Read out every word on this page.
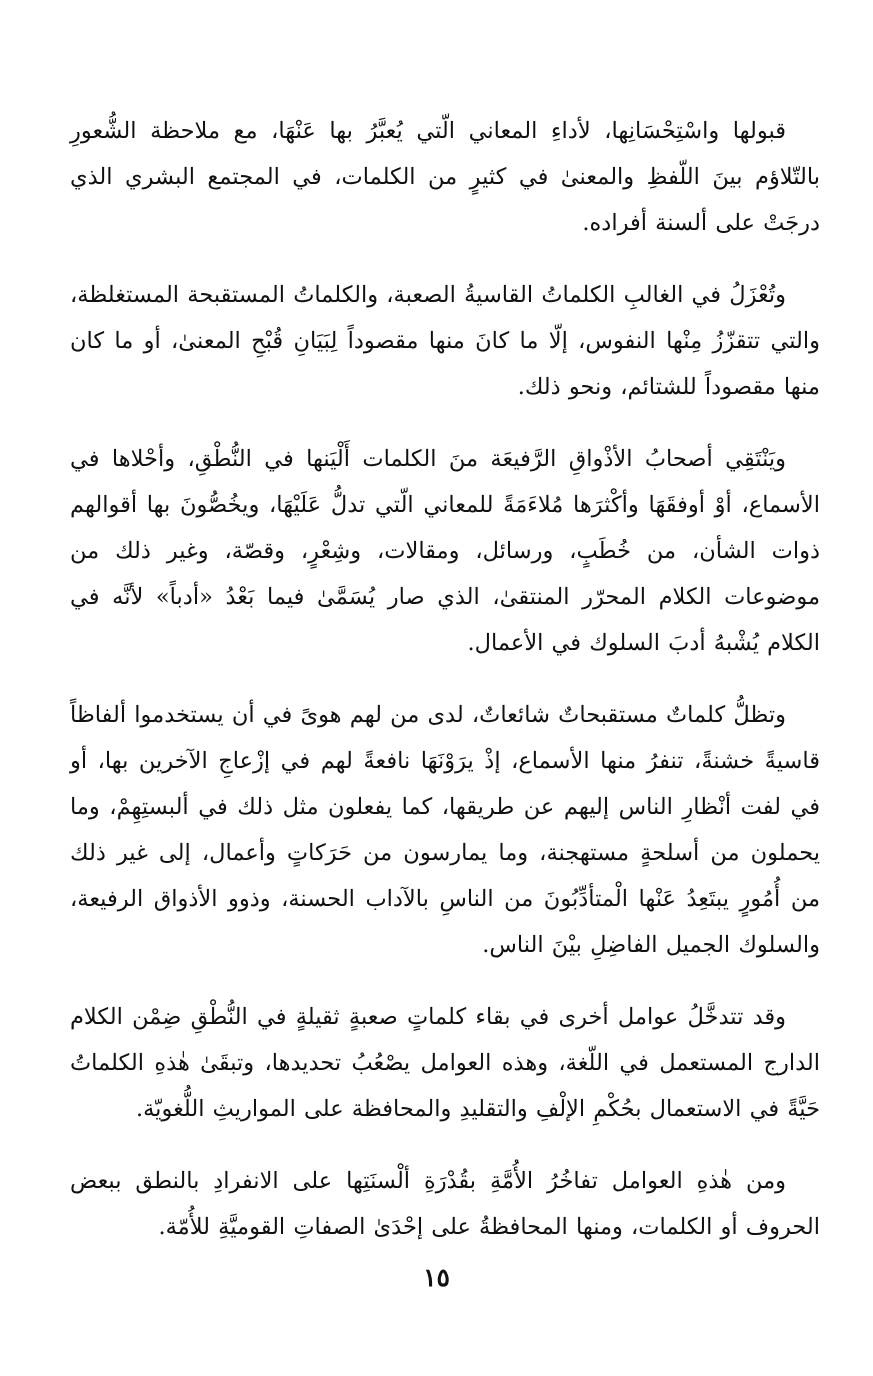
قبولها واسْتِحْسَانِها، لأداءِ المعاني الّتي يُعبَّرُ بها عَنْهَا، مع ملاحظة الشُّعورِ بالتّلاؤم بينَ اللّفظِ والمعنىٰ في كثيرٍ من الكلمات، في المجتمع البشري الذي درجَتْ على ألسنة أفراده.

وتُعْزَلُ في الغالبِ الكلماتُ القاسيةُ الصعبة، والكلماتُ المستقبحة المستغلظة، والتي تتقزّزُ مِنْها النفوس، إلّا ما كانَ منها مقصوداً لِبَيَانِ قُبْحِ المعنىٰ، أو ما كان منها مقصوداً للشتائم، ونحو ذلك.

ويَنْتَقِي أصحابُ الأذْواقِ الرَّفيعَة منَ الكلمات أَلْيَنها في النُّطْقِ، وأحْلاها في الأسماع، أوْ أوفقَهَا وأكْثرَها مُلاءَمَةً للمعاني الّتي تدلُّ عَلَيْهَا، ويخُصُّونَ بها أقوالهم ذوات الشأن، من خُطَبٍ، ورسائل، ومقالات، وشِعْرٍ، وقصّة، وغير ذلك من موضوعات الكلام المحرّر المنتقىٰ، الذي صار يُسَمَّىٰ فيما بَعْدُ «أدباً» لأنَّه في الكلام يُشْبهُ أدبَ السلوك في الأعمال.

وتظلُّ كلماتٌ مستقبحاتٌ شائعاتٌ، لدى من لهم هوىً في أن يستخدموا ألفاظاً قاسيةً خشنةً، تنفرُ منها الأسماع، إذْ يرَوْنَهَا نافعةً لهم في إزْعاجِ الآخرين بها، أو في لفت أنْظارِ الناس إليهم عن طريقها، كما يفعلون مثل ذلك في ألبستِهِمْ، وما يحملون من أسلحةٍ مستهجنة، وما يمارسون من حَرَكاتٍ وأعمال، إلى غير ذلك من أُمُورٍ يبتَعِدُ عَنْها الْمتأدِّبُونَ من الناسِ بالآداب الحسنة، وذوو الأذواق الرفيعة، والسلوك الجميل الفاضِلِ بيْنَ الناس.

وقد تتدخَّلُ عوامل أخرى في بقاء كلماتٍ صعبةٍ ثقيلةٍ في النُّطْقِ ضِمْن الكلام الدارج المستعمل في اللّغة، وهذه العوامل يصْعُبُ تحديدها، وتبقَىٰ هٰذهِ الكلماتُ حَيَّةً في الاستعمال بحُكْمِ الإلْفِ والتقليدِ والمحافظة على المواريثِ اللُّغويّة.

ومن هٰذهِ العوامل تفاخُرُ الأُمَّةِ بقُدْرَةِ ألْسنَتِها على الانفرادِ بالنطق ببعض الحروف أو الكلمات، ومنها المحافظةُ على إحْدَىٰ الصفاتِ القوميَّةِ للأُمّة.

١٥
